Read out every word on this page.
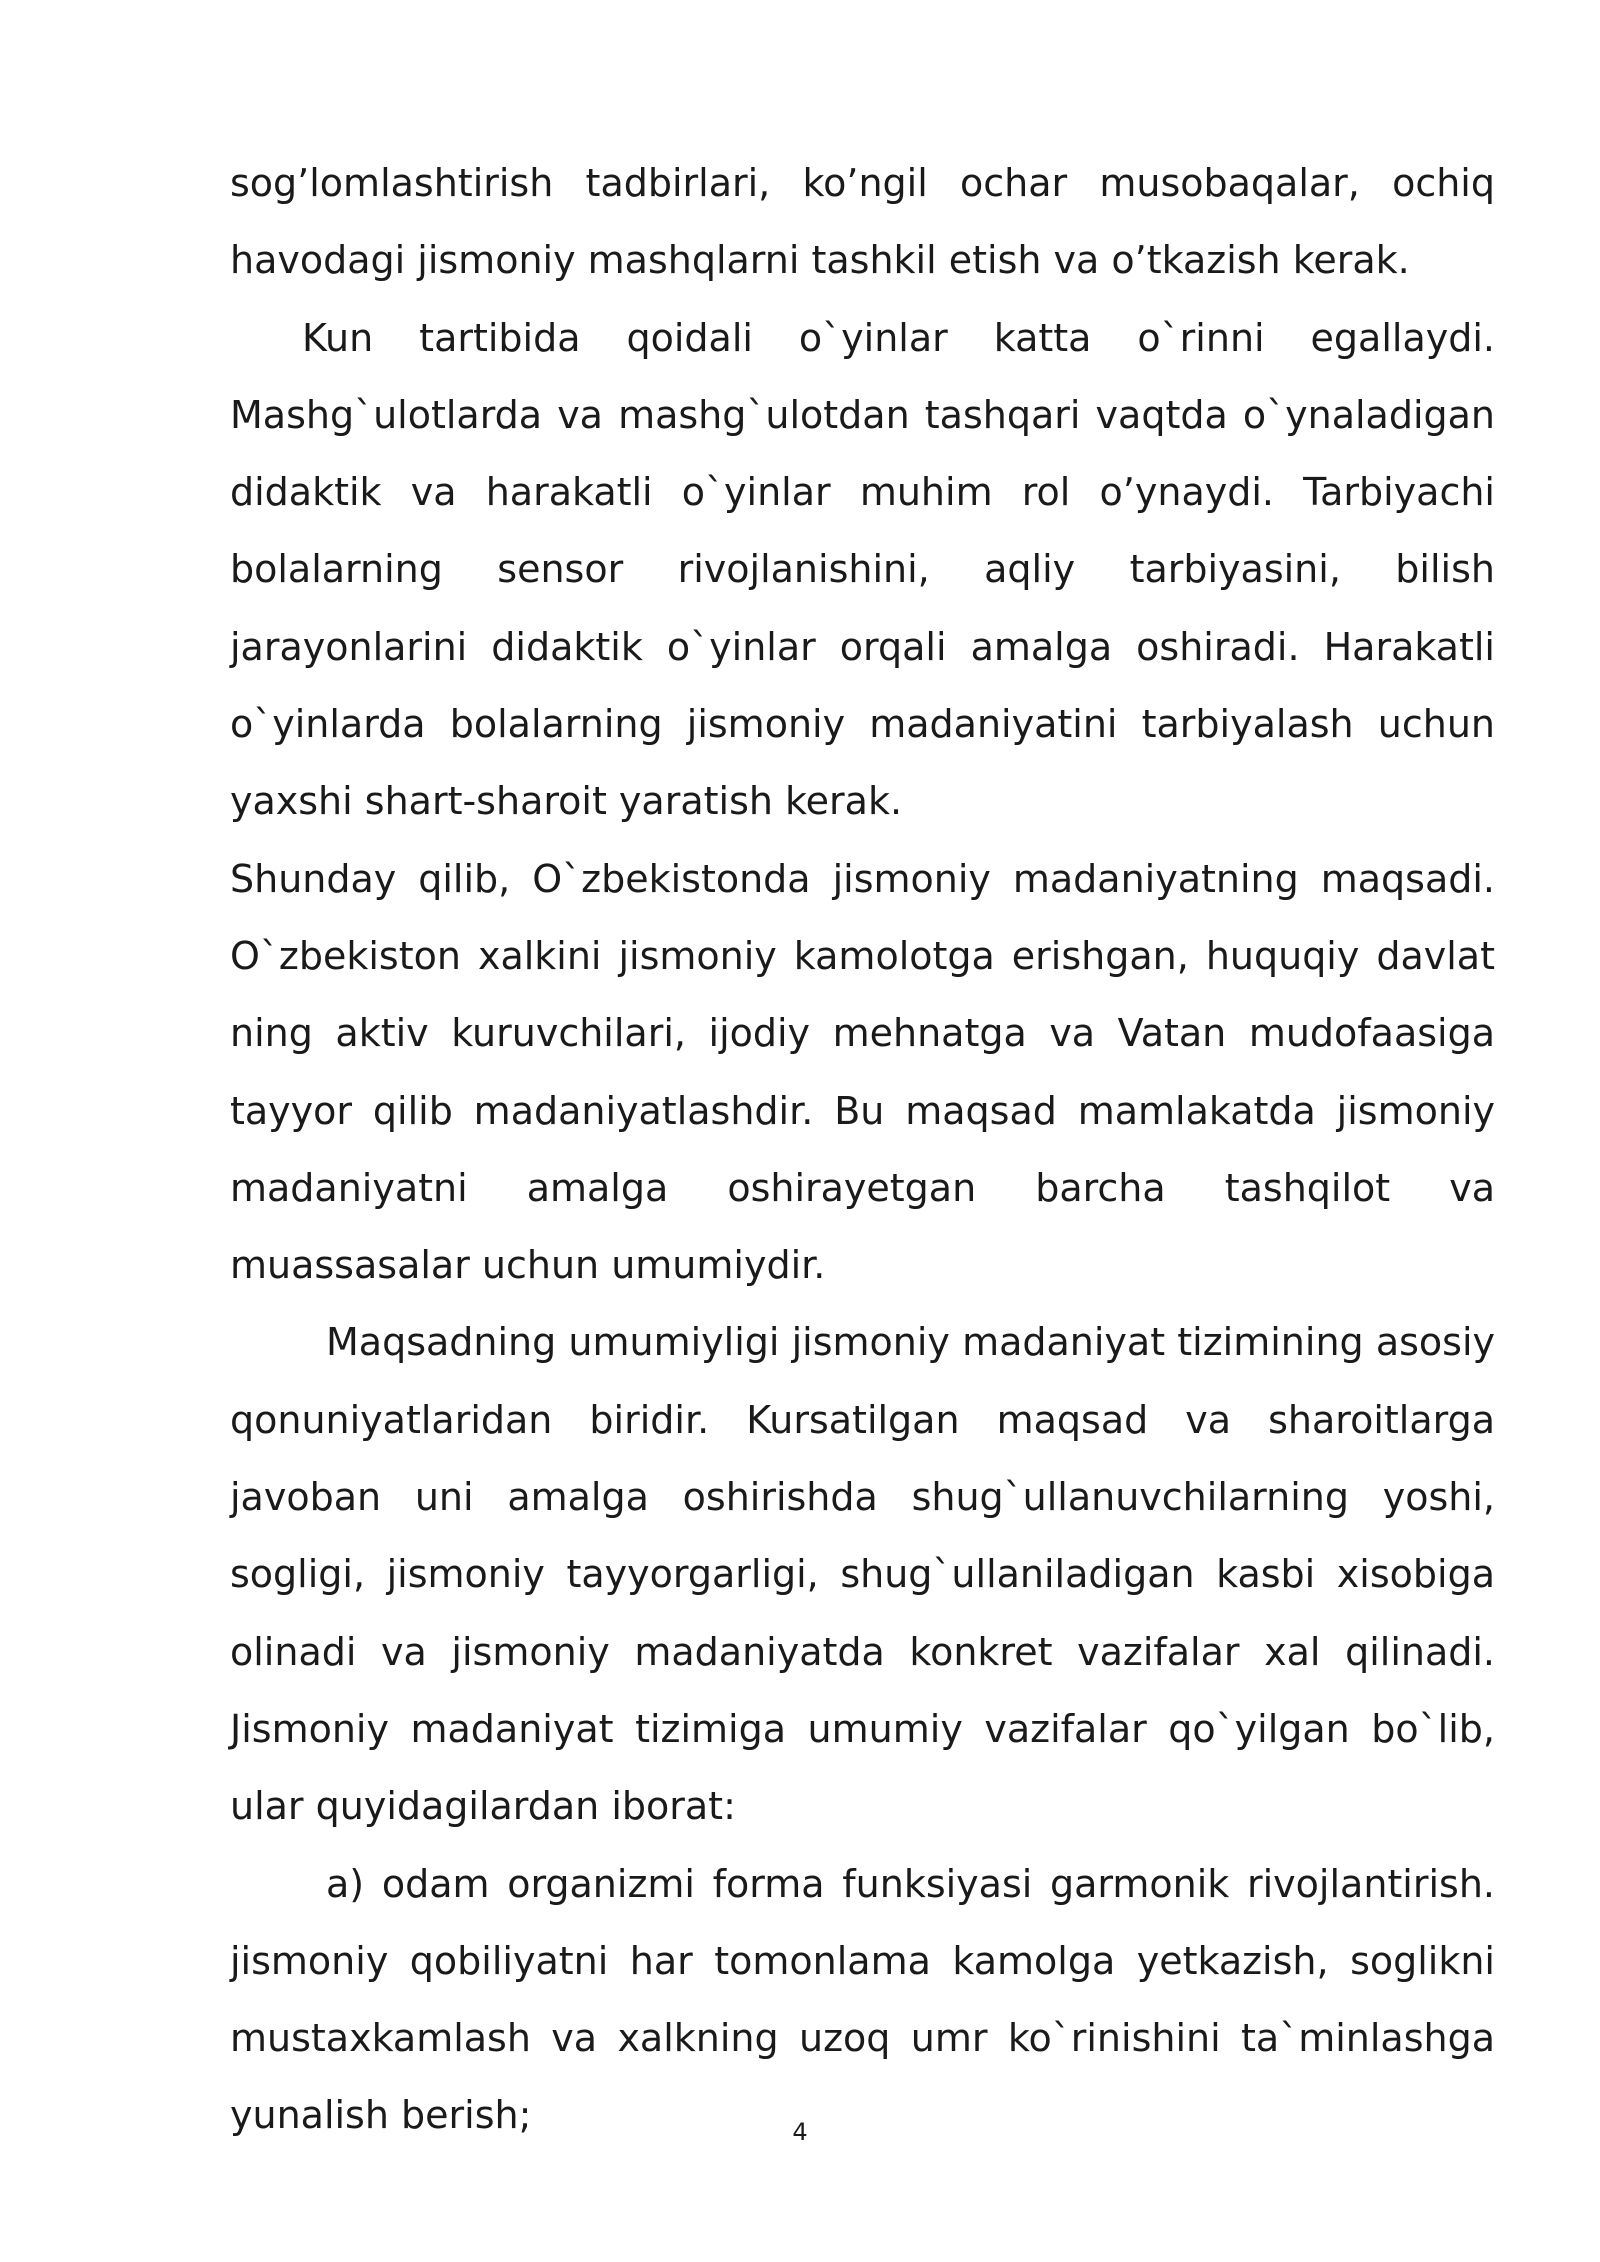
sog’lomlashtirish tadbirlari, ko’ngil ochar musobaqalar, ochiq havodagi jismoniy mashqlarni tashkil etish va o’tkazish kerak.

Kun tartibida qoidali o`yinlar katta o`rinni egallaydi. Mashg`ulotlarda va mashg`ulotdan tashqari vaqtda o`ynaladigan didaktik va harakatli o`yinlar muhim rol o’ynaydi. Tarbiyachi bolalarning sensor rivojlanishini, aqliy tarbiyasini, bilish jarayonlarini didaktik o`yinlar orqali amalga oshiradi. Harakatli o`yinlarda bolalarning jismoniy madaniyatini tarbiyalash uchun yaxshi shart-sharoit yaratish kerak.

Shunday qilib, O`zbekistonda jismoniy madaniyatning maqsadi. O`zbekiston xalkini jismoniy kamolotga erishgan, huquqiy davlat ning aktiv kuruvchilari, ijodiy mehnatga va Vatan mudofaasiga tayyor qilib madaniyatlashdir. Bu maqsad mamlakatda jismoniy madaniyatni amalga oshirayetgan barcha tashqilot va muassasalar uchun umumiydir.

Maqsadning umumiyligi jismoniy madaniyat tizimining asosiy qonuniyatlaridan biridir. Kursatilgan maqsad va sharoitlarga javoban uni amalga oshirishda shug`ullanuvchilarning yoshi, sogligi, jismoniy tayyorgarligi, shug`ullaniladigan kasbi xisobiga olinadi va jismoniy madaniyatda konkret vazifalar xal qilinadi. Jismoniy madaniyat tizimiga umumiy vazifalar qo`yilgan bo`lib, ular quyidagilardan iborat:

a) odam organizmi forma funksiyasi garmonik rivojlantirish. jismoniy qobiliyatni har tomonlama kamolga yetkazish, soglikni mustaxkamlash va xalkning uzoq umr ko`rinishini ta`minlashga yunalish berish;	4
